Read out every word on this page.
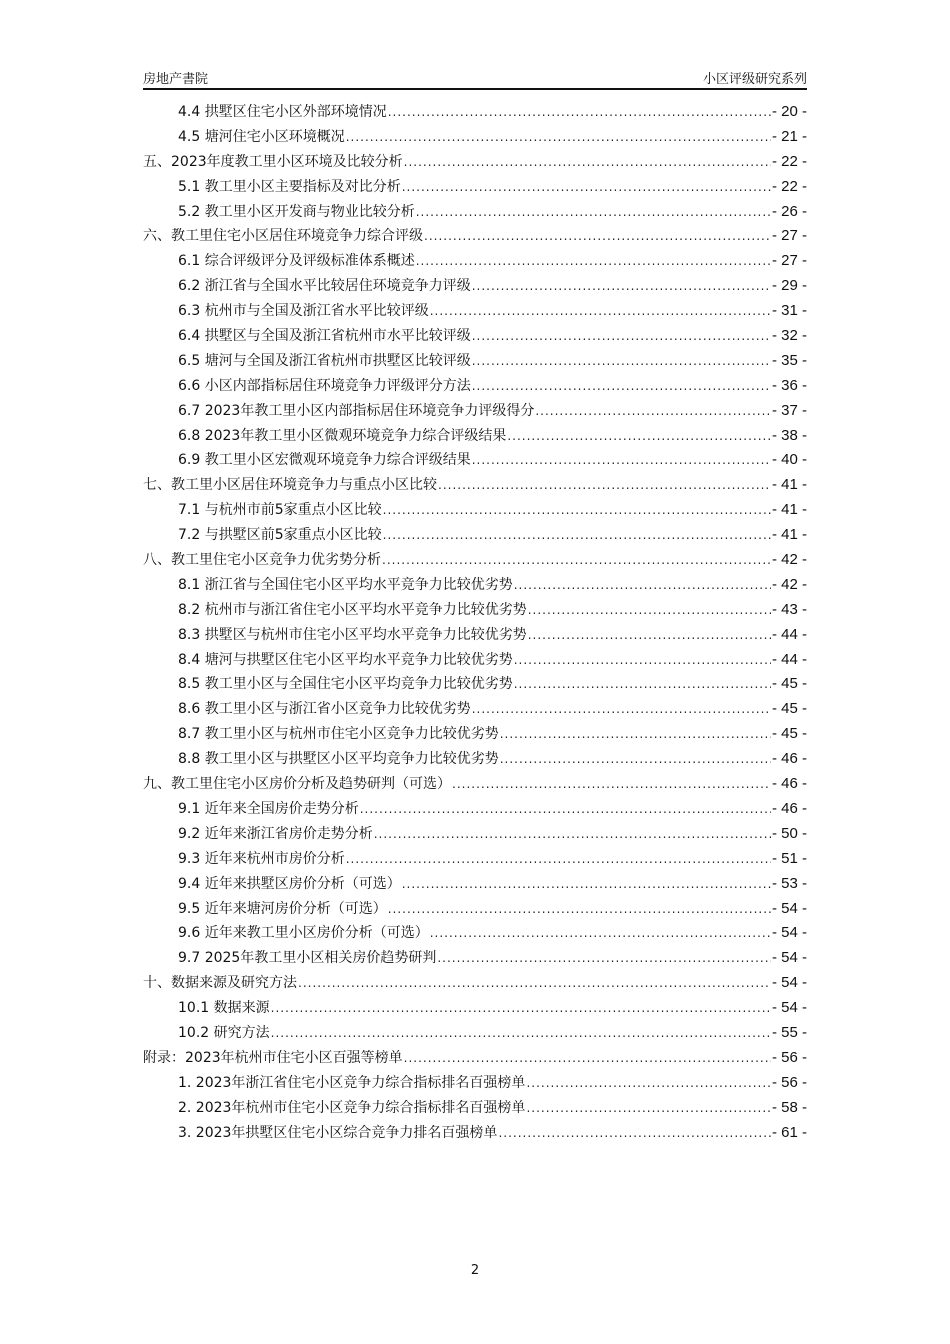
房地产書院	小区评级研究系列
4.4 拱墅区住宅小区外部环境情况 .....	- 20 -
4.5 塘河住宅小区环境概况 .....	- 21 -
五、2023年度教工里小区环境及比较分析 .....	- 22 -
5.1 教工里小区主要指标及对比分析 .....	- 22 -
5.2 教工里小区开发商与物业比较分析 .....	- 26 -
六、教工里住宅小区居住环境竞争力综合评级 .....	- 27 -
6.1 综合评级评分及评级标准体系概述 .....	- 27 -
6.2 浙江省与全国水平比较居住环境竞争力评级 .....	- 29 -
6.3 杭州市与全国及浙江省水平比较评级 .....	- 31 -
6.4 拱墅区与全国及浙江省杭州市水平比较评级 .....	- 32 -
6.5 塘河与全国及浙江省杭州市拱墅区比较评级 .....	- 35 -
6.6 小区内部指标居住环境竞争力评级评分方法 .....	- 36 -
6.7 2023年教工里小区内部指标居住环境竞争力评级得分 .....	- 37 -
6.8 2023年教工里小区微观环境竞争力综合评级结果 .....	- 38 -
6.9 教工里小区宏微观环境竞争力综合评级结果 .....	- 40 -
七、教工里小区居住环境竞争力与重点小区比较 .....	- 41 -
7.1 与杭州市前5家重点小区比较 .....	- 41 -
7.2 与拱墅区前5家重点小区比较 .....	- 41 -
八、教工里住宅小区竞争力优劣势分析 .....	- 42 -
8.1 浙江省与全国住宅小区平均水平竞争力比较优劣势 .....	- 42 -
8.2 杭州市与浙江省住宅小区平均水平竞争力比较优劣势 .....	- 43 -
8.3 拱墅区与杭州市住宅小区平均水平竞争力比较优劣势 .....	- 44 -
8.4 塘河与拱墅区住宅小区平均水平竞争力比较优劣势 .....	- 44 -
8.5 教工里小区与全国住宅小区平均竞争力比较优劣势 .....	- 45 -
8.6 教工里小区与浙江省小区竞争力比较优劣势 .....	- 45 -
8.7 教工里小区与杭州市住宅小区竞争力比较优劣势 .....	- 45 -
8.8 教工里小区与拱墅区小区平均竞争力比较优劣势 .....	- 46 -
九、教工里住宅小区房价分析及趋势研判（可选） .....	- 46 -
9.1 近年来全国房价走势分析 .....	- 46 -
9.2 近年来浙江省房价走势分析 .....	- 50 -
9.3 近年来杭州市房价分析 .....	- 51 -
9.4 近年来拱墅区房价分析（可选） .....	- 53 -
9.5 近年来塘河房价分析（可选） .....	- 54 -
9.6 近年来教工里小区房价分析（可选） .....	- 54 -
9.7 2025年教工里小区相关房价趋势研判 .....	- 54 -
十、数据来源及研究方法 .....	- 54 -
10.1 数据来源 .....	- 54 -
10.2 研究方法 .....	- 55 -
附录：2023年杭州市住宅小区百强等榜单 .....	- 56 -
1. 2023年浙江省住宅小区竞争力综合指标排名百强榜单 .....	- 56 -
2. 2023年杭州市住宅小区竞争力综合指标排名百强榜单 .....	- 58 -
3. 2023年拱墅区住宅小区综合竞争力排名百强榜单 .....	- 61 -
2
